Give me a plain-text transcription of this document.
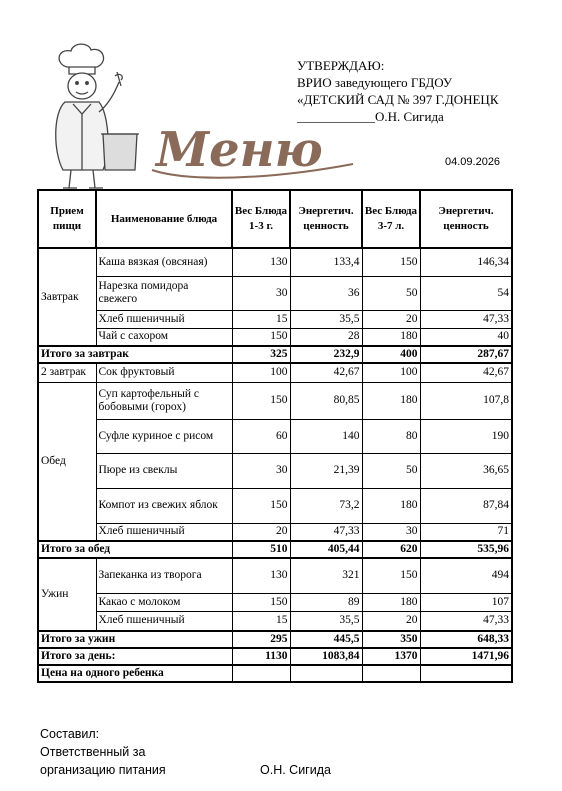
УТВЕРЖДАЮ:
ВРИО заведующего ГБДОУ
«ДЕТСКИЙ САД № 397 Г.ДОНЕЦК
____________О.Н. Сигида
Меню	04.09.2026
Прием пищи	Наименование блюда	Вес Блюда 1-3 г.	Энергетич. ценность	Вес Блюда 3-7 л.	Энергетич. ценность
Завтрак	Каша вязкая (овсяная)	130	133,4	150	146,34
	Нарезка помидора свежего	30	36	50	54
	Хлеб пшеничный	15	35,5	20	47,33
	Чай с сахором	150	28	180	40
Итого за завтрак		325	232,9	400	287,67
2 завтрак	Сок фруктовый	100	42,67	100	42,67
Обед	Суп картофельный с бобовыми (горох)	150	80,85	180	107,8
	Суфле куриное с рисом	60	140	80	190
	Пюре из свеклы	30	21,39	50	36,65
	Компот из свежих яблок	150	73,2	180	87,84
	Хлеб пшеничный	20	47,33	30	71
Итого за обед		510	405,44	620	535,96
Ужин	Запеканка из творога	130	321	150	494
	Какао с молоком	150	89	180	107
	Хлеб пшеничный	15	35,5	20	47,33
Итого за ужин		295	445,5	350	648,33
Итого за день:		1130	1083,84	1370	1471,96
Цена на одного ребенка					
Составил:
Ответственный за
организацию питания	О.Н. Сигида
